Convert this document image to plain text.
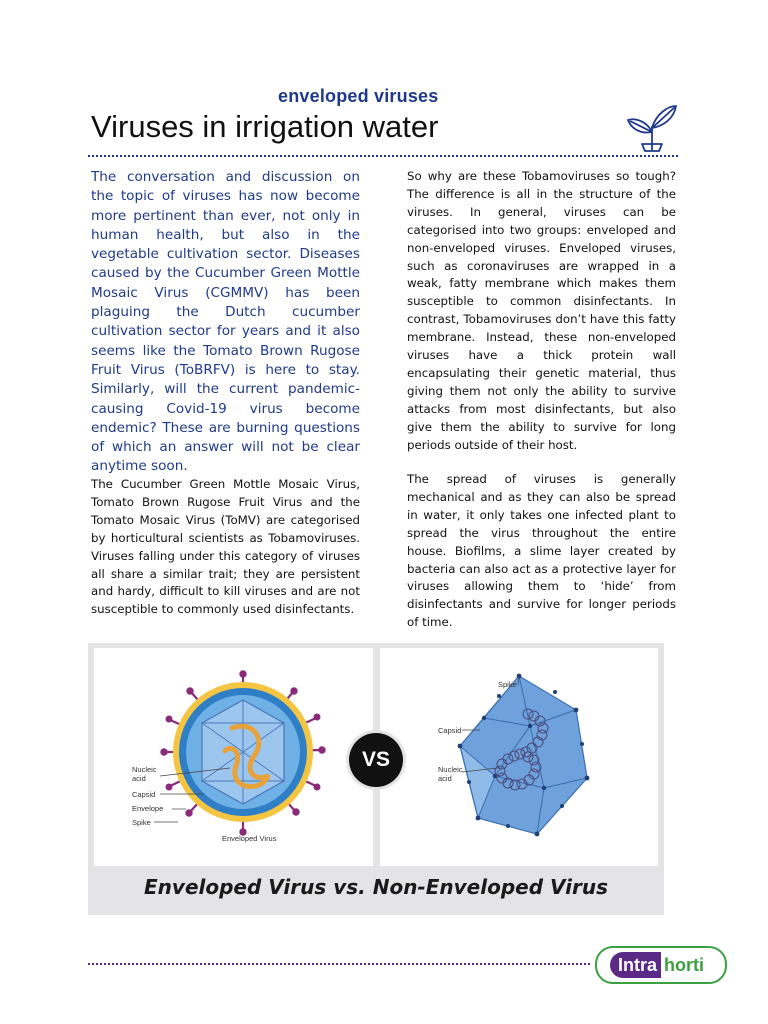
enveloped viruses
Viruses in irrigation water

The conversation and discussion on the topic of viruses has now become more pertinent than ever, not only in human health, but also in the vegetable cultivation sector. Diseases caused by the Cucumber Green Mottle Mosaic Virus (CGMMV) has been plaguing the Dutch cucumber cultivation sector for years and it also seems like the Tomato Brown Rugose Fruit Virus (ToBRFV) is here to stay. Similarly, will the current pandemic-causing Covid-19 virus become endemic? These are burning questions of which an answer will not be clear anytime soon.

The Cucumber Green Mottle Mosaic Virus, Tomato Brown Rugose Fruit Virus and the Tomato Mosaic Virus (ToMV) are categorised by horticultural scientists as Tobamoviruses. Viruses falling under this category of viruses all share a similar trait; they are persistent and hardy, difficult to kill viruses and are not susceptible to commonly used disinfectants.

So why are these Tobamoviruses so tough? The difference is all in the structure of the viruses. In general, viruses can be categorised into two groups: enveloped and non-enveloped viruses. Enveloped viruses, such as coronaviruses are wrapped in a weak, fatty membrane which makes them susceptible to common disinfectants. In contrast, Tobamoviruses don’t have this fatty membrane. Instead, these non-enveloped viruses have a thick protein wall encapsulating their genetic material, thus giving them not only the ability to survive attacks from most disinfectants, but also give them the ability to survive for long periods outside of their host.

The spread of viruses is generally mechanical and as they can also be spread in water, it only takes one infected plant to spread the virus throughout the entire house. Biofilms, a slime layer created by bacteria can also act as a protective layer for viruses allowing them to ‘hide’ from disinfectants and survive for longer periods of time.

Nucleic
acid
Capsid
Envelope
Spike
Enveloped Virus
Spike
Capsid
Nucleic
acid
VS
Enveloped Virus vs. Non-Enveloped Virus
Intra horti
